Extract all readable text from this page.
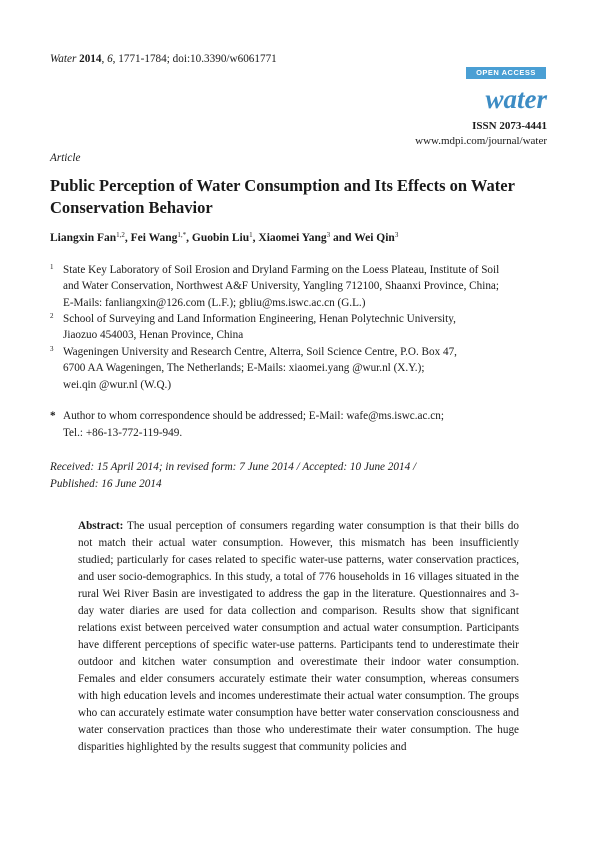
Water 2014, 6, 1771-1784; doi:10.3390/w6061771
OPEN ACCESS
water
ISSN 2073-4441
www.mdpi.com/journal/water
Article
Public Perception of Water Consumption and Its Effects on Water Conservation Behavior
Liangxin Fan$^{1,2}$, Fei Wang$^{1,*}$, Guobin Liu$^1$, Xiaomei Yang$^3$ and Wei Qin$^3$
1 State Key Laboratory of Soil Erosion and Dryland Farming on the Loess Plateau, Institute of Soil
and Water Conservation, Northwest A&F University, Yangling 712100, Shaanxi Province, China;
E-Mails: fanliangxin@126.com (L.F.); gbliu@ms.iswc.ac.cn (G.L.)
2 School of Surveying and Land Information Engineering, Henan Polytechnic University,
Jiaozuo 454003, Henan Province, China
3 Wageningen University and Research Centre, Alterra, Soil Science Centre, P.O. Box 47,
6700 AA Wageningen, The Netherlands; E-Mails: xiaomei.yang @wur.nl (X.Y.);
wei.qin @wur.nl (W.Q.)
* Author to whom correspondence should be addressed; E-Mail: wafe@ms.iswc.ac.cn;
Tel.: +86-13-772-119-949.
Received: 15 April 2014; in revised form: 7 June 2014 / Accepted: 10 June 2014 /
Published: 16 June 2014
Abstract: The usual perception of consumers regarding water consumption is that their bills do not match their actual water consumption. However, this mismatch has been insufficiently studied; particularly for cases related to specific water-use patterns, water conservation practices, and user socio-demographics. In this study, a total of 776 households in 16 villages situated in the rural Wei River Basin are investigated to address the gap in the literature. Questionnaires and 3-day water diaries are used for data collection and comparison. Results show that significant relations exist between perceived water consumption and actual water consumption. Participants have different perceptions of specific water-use patterns. Participants tend to underestimate their outdoor and kitchen water consumption and overestimate their indoor water consumption. Females and elder consumers accurately estimate their water consumption, whereas consumers with high education levels and incomes underestimate their actual water consumption. The groups who can accurately estimate water consumption have better water conservation consciousness and water conservation practices than those who underestimate their water consumption. The huge disparities highlighted by the results suggest that community policies and
